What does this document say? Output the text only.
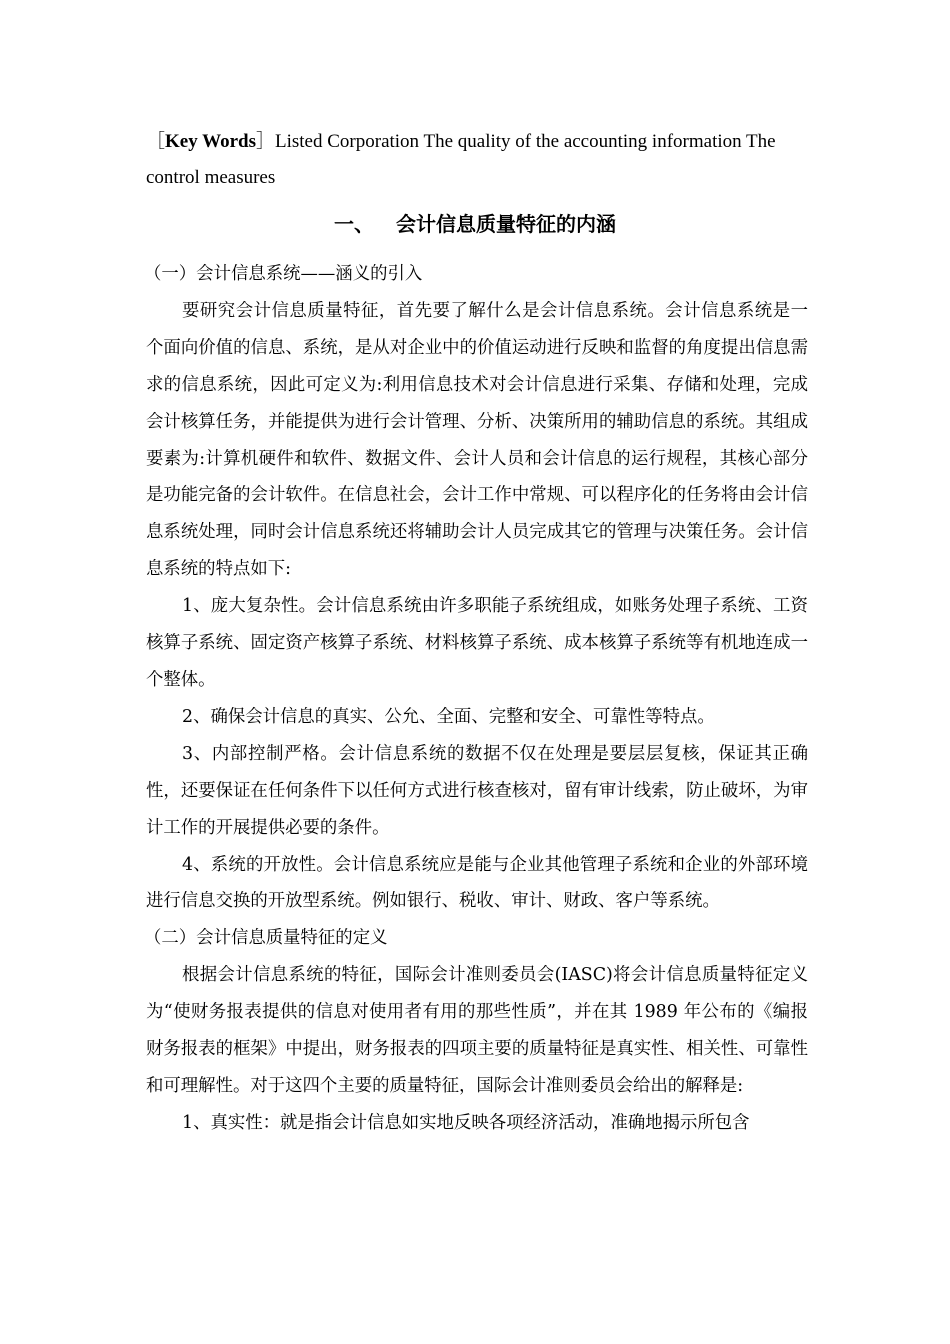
［Key Words］Listed Corporation The quality of the accounting information The control measures
一、 会计信息质量特征的内涵

（一）会计信息系统——涵义的引入

要研究会计信息质量特征，首先要了解什么是会计信息系统。会计信息系统是一个面向价值的信息、系统，是从对企业中的价值运动进行反映和监督的角度提出信息需求的信息系统，因此可定义为:利用信息技术对会计信息进行采集、存储和处理，完成会计核算任务，并能提供为进行会计管理、分析、决策所用的辅助信息的系统。其组成要素为:计算机硬件和软件、数据文件、会计人员和会计信息的运行规程，其核心部分是功能完备的会计软件。在信息社会，会计工作中常规、可以程序化的任务将由会计信息系统处理，同时会计信息系统还将辅助会计人员完成其它的管理与决策任务。会计信息系统的特点如下:

1、庞大复杂性。会计信息系统由许多职能子系统组成，如账务处理子系统、工资核算子系统、固定资产核算子系统、材料核算子系统、成本核算子系统等有机地连成一个整体。

2、确保会计信息的真实、公允、全面、完整和安全、可靠性等特点。

3、内部控制严格。会计信息系统的数据不仅在处理是要层层复核，保证其正确性，还要保证在任何条件下以任何方式进行核查核对，留有审计线索，防止破坏，为审计工作的开展提供必要的条件。

4、系统的开放性。会计信息系统应是能与企业其他管理子系统和企业的外部环境进行信息交换的开放型系统。例如银行、税收、审计、财政、客户等系统。

（二）会计信息质量特征的定义

根据会计信息系统的特征，国际会计准则委员会(IASC)将会计信息质量特征定义为“使财务报表提供的信息对使用者有用的那些性质”，并在其 1989 年公布的《编报财务报表的框架》中提出，财务报表的四项主要的质量特征是真实性、相关性、可靠性和可理解性。对于这四个主要的质量特征，国际会计准则委员会给出的解释是:

1、真实性：就是指会计信息如实地反映各项经济活动，准确地揭示所包含
